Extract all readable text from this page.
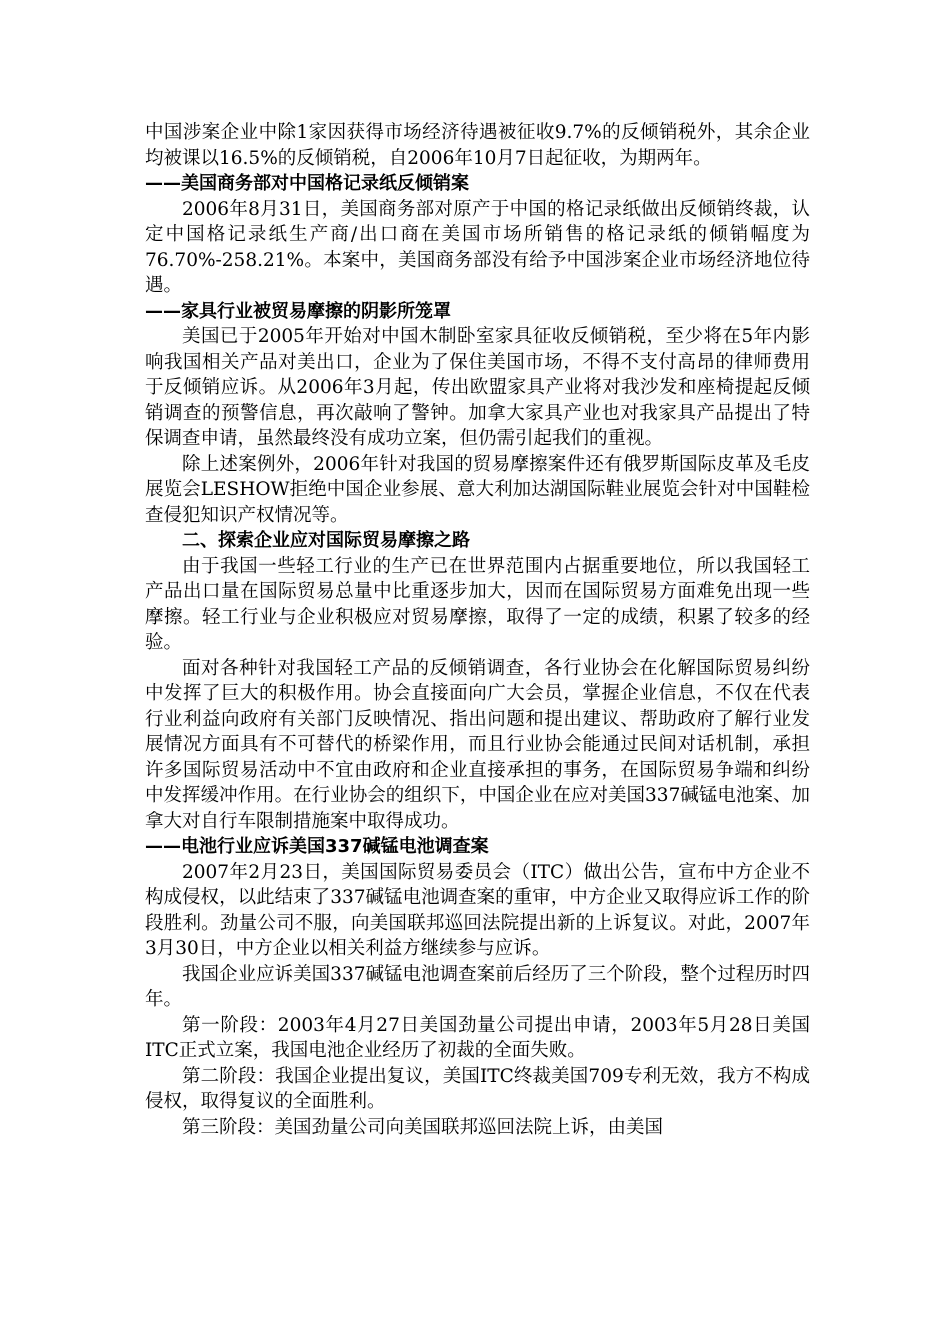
中国涉案企业中除1家因获得市场经济待遇被征收9.7%的反倾销税外，其余企业均被课以16.5%的反倾销税，自2006年10月7日起征收，为期两年。

——美国商务部对中国格记录纸反倾销案

2006年8月31日，美国商务部对原产于中国的格记录纸做出反倾销终裁，认定中国格记录纸生产商/出口商在美国市场所销售的格记录纸的倾销幅度为76.70%-258.21%。本案中，美国商务部没有给予中国涉案企业市场经济地位待遇。

——家具行业被贸易摩擦的阴影所笼罩

美国已于2005年开始对中国木制卧室家具征收反倾销税，至少将在5年内影响我国相关产品对美出口，企业为了保住美国市场，不得不支付高昂的律师费用于反倾销应诉。从2006年3月起，传出欧盟家具产业将对我沙发和座椅提起反倾销调查的预警信息，再次敲响了警钟。加拿大家具产业也对我家具产品提出了特保调查申请，虽然最终没有成功立案，但仍需引起我们的重视。

除上述案例外，2006年针对我国的贸易摩擦案件还有俄罗斯国际皮革及毛皮展览会LESHOW拒绝中国企业参展、意大利加达湖国际鞋业展览会针对中国鞋检查侵犯知识产权情况等。

二、探索企业应对国际贸易摩擦之路

由于我国一些轻工行业的生产已在世界范围内占据重要地位，所以我国轻工产品出口量在国际贸易总量中比重逐步加大，因而在国际贸易方面难免出现一些摩擦。轻工行业与企业积极应对贸易摩擦，取得了一定的成绩，积累了较多的经验。

面对各种针对我国轻工产品的反倾销调查，各行业协会在化解国际贸易纠纷中发挥了巨大的积极作用。协会直接面向广大会员，掌握企业信息，不仅在代表行业利益向政府有关部门反映情况、指出问题和提出建议、帮助政府了解行业发展情况方面具有不可替代的桥梁作用，而且行业协会能通过民间对话机制，承担许多国际贸易活动中不宜由政府和企业直接承担的事务，在国际贸易争端和纠纷中发挥缓冲作用。在行业协会的组织下，中国企业在应对美国337碱锰电池案、加拿大对自行车限制措施案中取得成功。

——电池行业应诉美国337碱锰电池调查案

2007年2月23日，美国国际贸易委员会（ITC）做出公告，宣布中方企业不构成侵权，以此结束了337碱锰电池调查案的重审，中方企业又取得应诉工作的阶段胜利。劲量公司不服，向美国联邦巡回法院提出新的上诉复议。对此，2007年3月30日，中方企业以相关利益方继续参与应诉。

我国企业应诉美国337碱锰电池调查案前后经历了三个阶段，整个过程历时四年。

第一阶段：2003年4月27日美国劲量公司提出申请，2003年5月28日美国ITC正式立案，我国电池企业经历了初裁的全面失败。

第二阶段：我国企业提出复议，美国ITC终裁美国709专利无效，我方不构成侵权，取得复议的全面胜利。

第三阶段：美国劲量公司向美国联邦巡回法院上诉，由美国
